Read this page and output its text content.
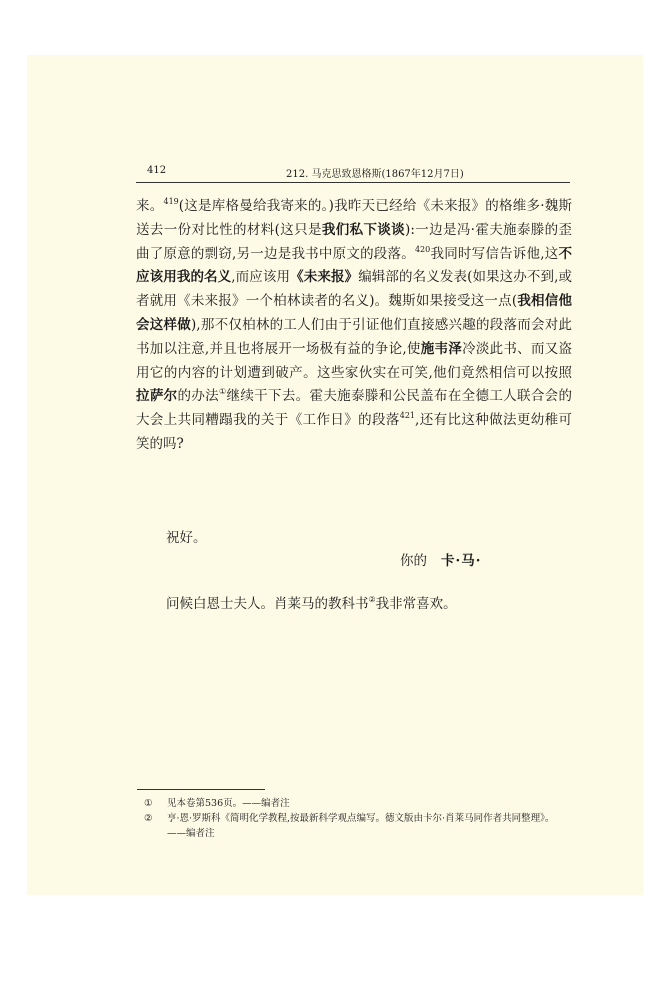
412	212. 马克思致恩格斯(1867年12月7日)

来。$^{419}$(这是库格曼给我寄来的。)我昨天已经给《未来报》的格维多·魏斯送去一份对比性的材料(这只是我们私下谈谈):一边是冯·霍夫施泰滕的歪曲了原意的剽窃,另一边是我书中原文的段落。$^{420}$我同时写信告诉他,这不应该用我的名义,而应该用《未来报》编辑部的名义发表(如果这办不到,或者就用《未来报》一个柏林读者的名义)。魏斯如果接受这一点(我相信他会这样做),那不仅柏林的工人们由于引证他们直接感兴趣的段落而会对此书加以注意,并且也将展开一场极有益的争论,使施韦泽冷淡此书、而又盗用它的内容的计划遭到破产。这些家伙实在可笑,他们竟然相信可以按照拉萨尔的办法①继续干下去。霍夫施泰滕和公民盖布在全德工人联合会的大会上共同糟蹋我的关于《工作日》的段落$^{421}$,还有比这种做法更幼稚可笑的吗?

祝好。
你的 卡·马·
问候白恩士夫人。肖莱马的教科书②我非常喜欢。
① 见本卷第536页。——编者注
② 亨·恩·罗斯科《简明化学教程,按最新科学观点编写。德文版由卡尔·肖莱马同作者共同整理》。——编者注
